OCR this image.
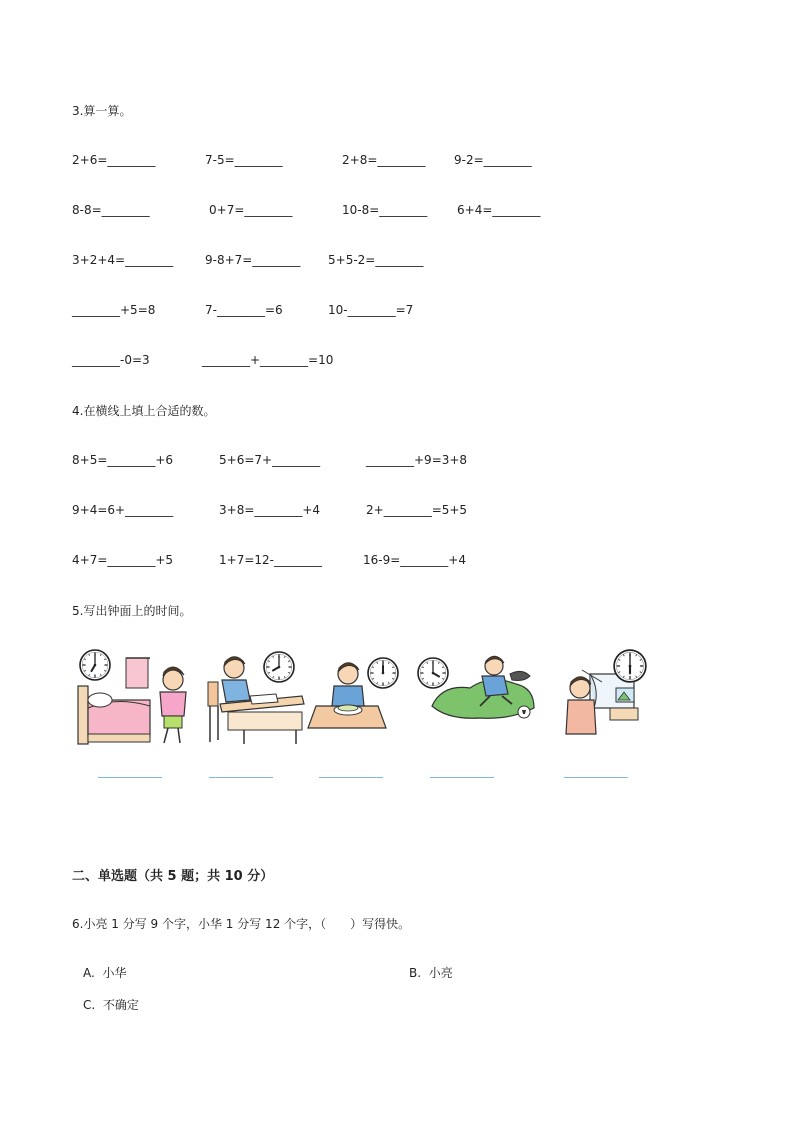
3.算一算。
2+6=________	7-5=________	2+8=________ 9-2=________
8-8=________	0+7=________	10-8=________ 6+4=________
3+2+4=________	9-8+7=________ 5+5-2=________
________+5=8	7-________=6	10-________=7
________-0=3	________+________=10
4.在横线上填上合适的数。
8+5=________+6	5+6=7+________	________+9=3+8
9+4=6+________	3+8=________+4	2+________=5+5
4+7=________+5	1+7=12-________	16-9=________+4
5.写出钟面上的时间。
二、单选题（共 5 题；共 10 分）
6.小亮 1 分写 9 个字，小华 1 分写 12 个字，（　　）写得快。
A. 小华	B. 小亮
C. 不确定
